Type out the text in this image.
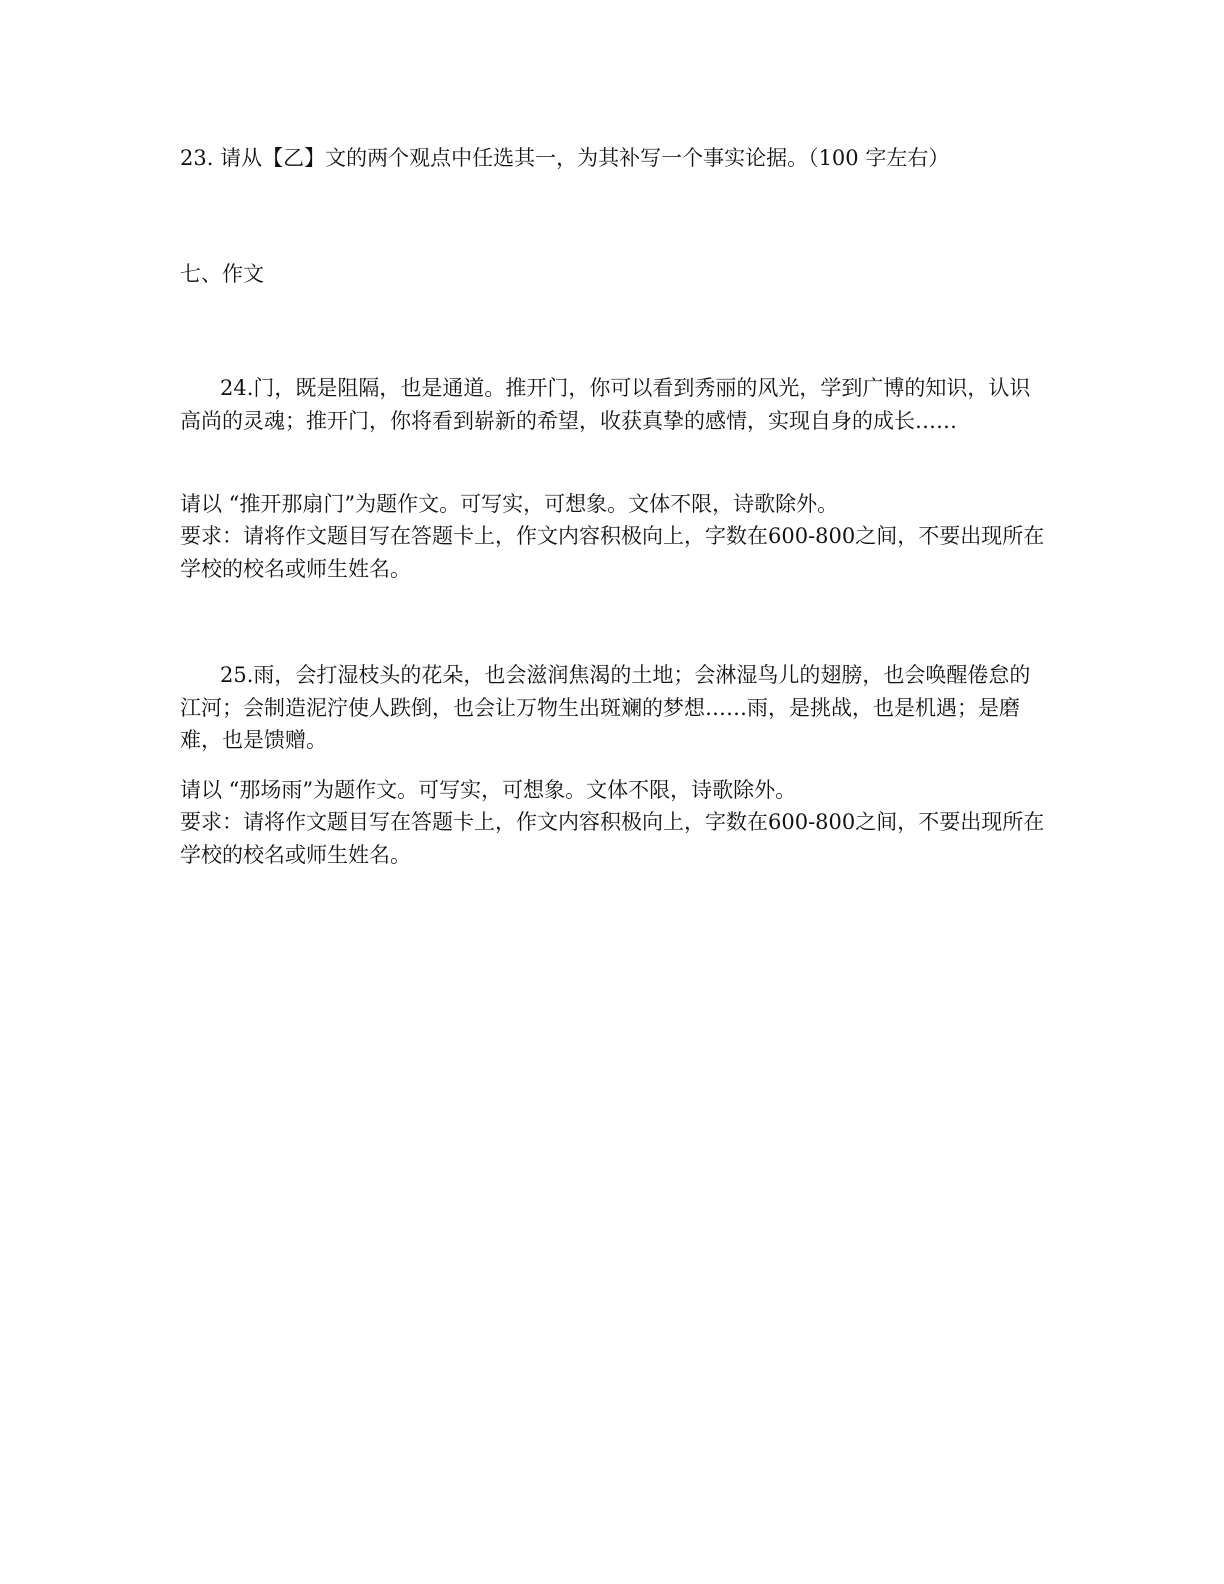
23. 请从【乙】文的两个观点中任选其一，为其补写一个事实论据。（100 字左右）
七、作文

24.门，既是阻隔，也是通道。推开门，你可以看到秀丽的风光，学到广博的知识，认识高尚的灵魂；推开门，你将看到崭新的希望，收获真挚的感情，实现自身的成长……

请以 “推开那扇门”为题作文。可写实，可想象。文体不限，诗歌除外。

要求：请将作文题目写在答题卡上，作文内容积极向上，字数在600-800之间，不要出现所在学校的校名或师生姓名。

25.雨，会打湿枝头的花朵，也会滋润焦渴的土地；会淋湿鸟儿的翅膀，也会唤醒倦怠的江河；会制造泥泞使人跌倒，也会让万物生出斑斓的梦想……雨，是挑战，也是机遇；是磨难，也是馈赠。

请以 “那场雨”为题作文。可写实，可想象。文体不限，诗歌除外。

要求：请将作文题目写在答题卡上，作文内容积极向上，字数在600-800之间，不要出现所在学校的校名或师生姓名。
